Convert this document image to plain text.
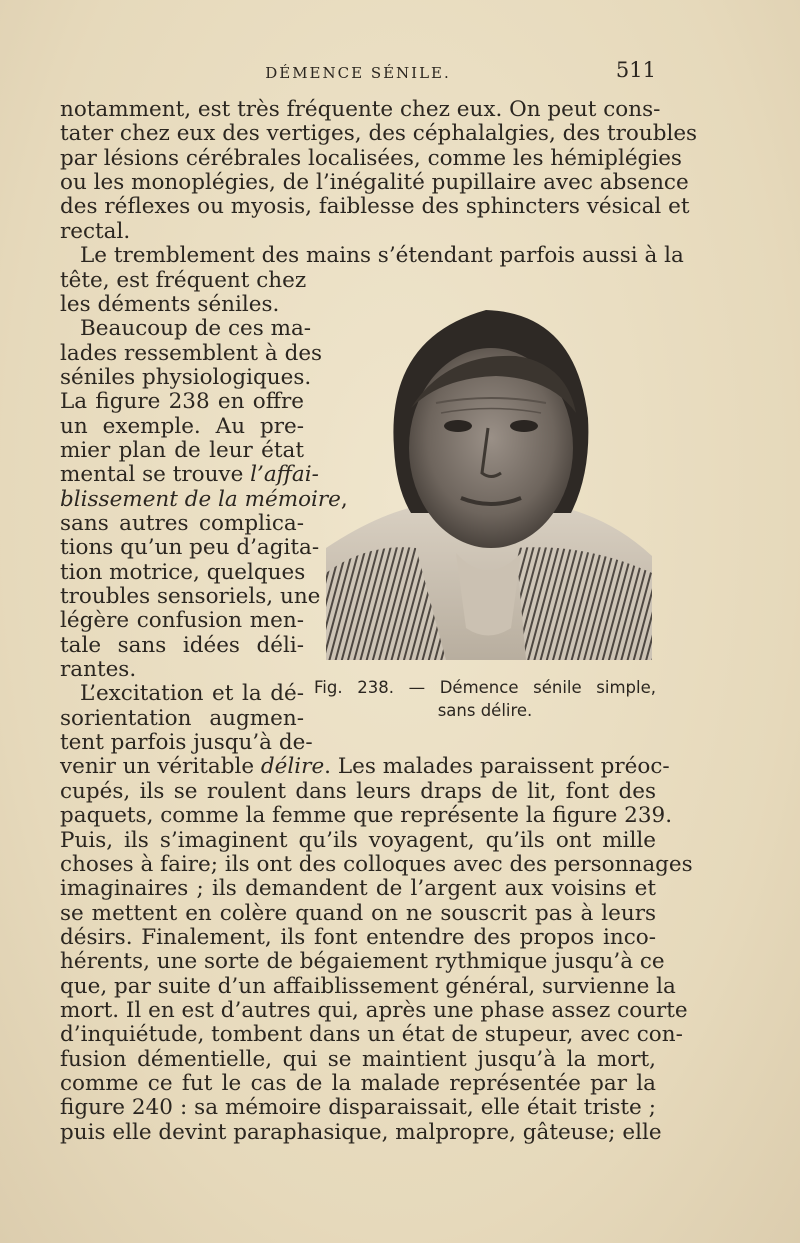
DÉMENCE SÉNILE.	511
notamment, est très fréquente chez eux. On peut cons-
tater chez eux des vertiges, des céphalalgies, des troubles
par lésions cérébrales localisées, comme les hémiplégies
ou les monoplégies, de l’inégalité pupillaire avec absence
des réflexes ou myosis, faiblesse des sphincters vésical et
rectal.
Le tremblement des mains s’étendant parfois aussi à la
tête, est fréquent chez
les déments séniles.
Beaucoup de ces ma-
lades ressemblent à des
séniles physiologiques.
La figure 238 en offre
un exemple. Au pre-
mier plan de leur état
mental se trouve l’affai-
blissement de la mémoire,
sans autres complica-
tions qu’un peu d’agita-
tion motrice, quelques
troubles sensoriels, une
légère confusion men-
tale sans idées déli-
rantes.
L’excitation et la dé-
sorientation augmen-
tent parfois jusqu’à de-
venir un véritable délire. Les malades paraissent préoc-
cupés, ils se roulent dans leurs draps de lit, font des
paquets, comme la femme que représente la figure 239.
Puis, ils s’imaginent qu’ils voyagent, qu’ils ont mille
choses à faire; ils ont des colloques avec des personnages
imaginaires ; ils demandent de l’argent aux voisins et
se mettent en colère quand on ne souscrit pas à leurs
désirs. Finalement, ils font entendre des propos inco-
hérents, une sorte de bégaiement rythmique jusqu’à ce
que, par suite d’un affaiblissement général, survienne la
mort. Il en est d’autres qui, après une phase assez courte
d’inquiétude, tombent dans un état de stupeur, avec con-
fusion démentielle, qui se maintient jusqu’à la mort,
comme ce fut le cas de la malade représentée par la
figure 240 : sa mémoire disparaissait, elle était triste ;
puis elle devint paraphasique, malpropre, gâteuse; elle
Fig. 238. — Démence sénile simple,
sans délire.
